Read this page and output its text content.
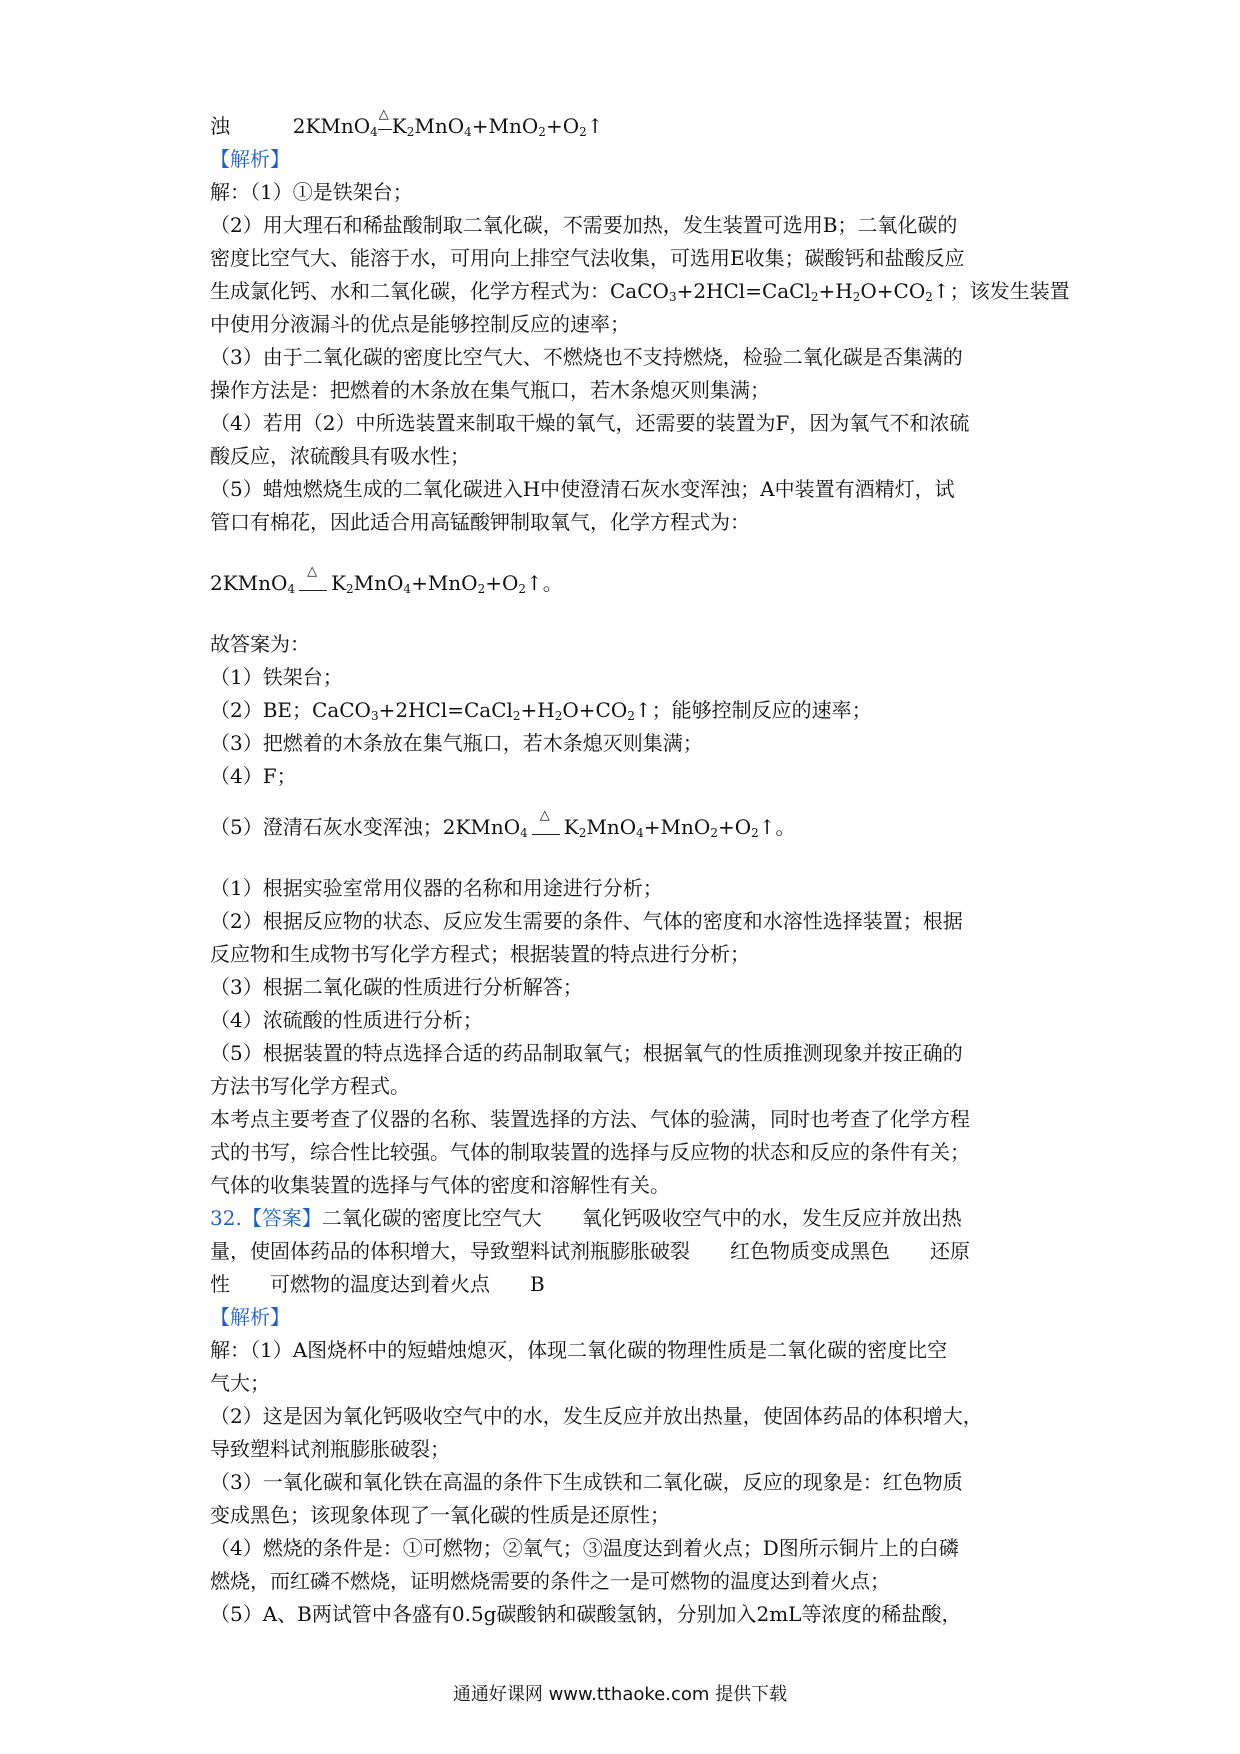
浊	2KMnO$_4$
△ $K_2MnO_4+MnO_2+O_2↑$
【解析】
解：（1）①是铁架台；
（2）用大理石和稀盐酸制取二氧化碳，不需要加热，发生装置可选用B；二氧化碳的
密度比空气大、能溶于水，可用向上排空气法收集，可选用E收集；碳酸钙和盐酸反应
生成氯化钙、水和二氧化碳，化学方程式为：$CaCO_3+2HCl=CaCl_2+H_2O+CO_2↑$；该发生装置
中使用分液漏斗的优点是能够控制反应的速率；
（3）由于二氧化碳的密度比空气大、不燃烧也不支持燃烧，检验二氧化碳是否集满的
操作方法是：把燃着的木条放在集气瓶口，若木条熄灭则集满；
（4）若用（2）中所选装置来制取干燥的氧气，还需要的装置为F，因为氧气不和浓硫
酸反应，浓硫酸具有吸水性；
（5）蜡烛燃烧生成的二氧化碳进入H中使澄清石灰水变浑浊；A中装置有酒精灯，试
管口有棉花，因此适合用高锰酸钾制取氧气，化学方程式为：
2KMnO$_4$
△ $K_2MnO_4+MnO_2+O_2↑$。
故答案为：
（1）铁架台；
（2）BE；$CaCO_3+2HCl=CaCl_2+H_2O+CO_2↑$；能够控制反应的速率；
（3）把燃着的木条放在集气瓶口，若木条熄灭则集满；
（4）F；
（5）澄清石灰水变浑浊；2KMnO$_4$
△ $K_2MnO_4+MnO_2+O_2↑$。
（1）根据实验室常用仪器的名称和用途进行分析；
（2）根据反应物的状态、反应发生需要的条件、气体的密度和水溶性选择装置；根据
反应物和生成物书写化学方程式；根据装置的特点进行分析；
（3）根据二氧化碳的性质进行分析解答；
（4）浓硫酸的性质进行分析；
（5）根据装置的特点选择合适的药品制取氧气；根据氧气的性质推测现象并按正确的
方法书写化学方程式。
本考点主要考查了仪器的名称、装置选择的方法、气体的验满，同时也考查了化学方程
式的书写，综合性比较强。气体的制取装置的选择与反应物的状态和反应的条件有关；
气体的收集装置的选择与气体的密度和溶解性有关。
32.【答案】二氧化碳的密度比空气大 氧化钙吸收空气中的水，发生反应并放出热
量，使固体药品的体积增大，导致塑料试剂瓶膨胀破裂 红色物质变成黑色 还原
性 可燃物的温度达到着火点 B
【解析】
解：（1）A图烧杯中的短蜡烛熄灭，体现二氧化碳的物理性质是二氧化碳的密度比空
气大；
（2）这是因为氧化钙吸收空气中的水，发生反应并放出热量，使固体药品的体积增大，
导致塑料试剂瓶膨胀破裂；
（3）一氧化碳和氧化铁在高温的条件下生成铁和二氧化碳，反应的现象是：红色物质
变成黑色；该现象体现了一氧化碳的性质是还原性；
（4）燃烧的条件是：①可燃物；②氧气；③温度达到着火点；D图所示铜片上的白磷
燃烧，而红磷不燃烧，证明燃烧需要的条件之一是可燃物的温度达到着火点；
（5）A、B两试管中各盛有0.5g碳酸钠和碳酸氢钠，分别加入2mL等浓度的稀盐酸，
通通好课网 www.tthaoke.com 提供下载
